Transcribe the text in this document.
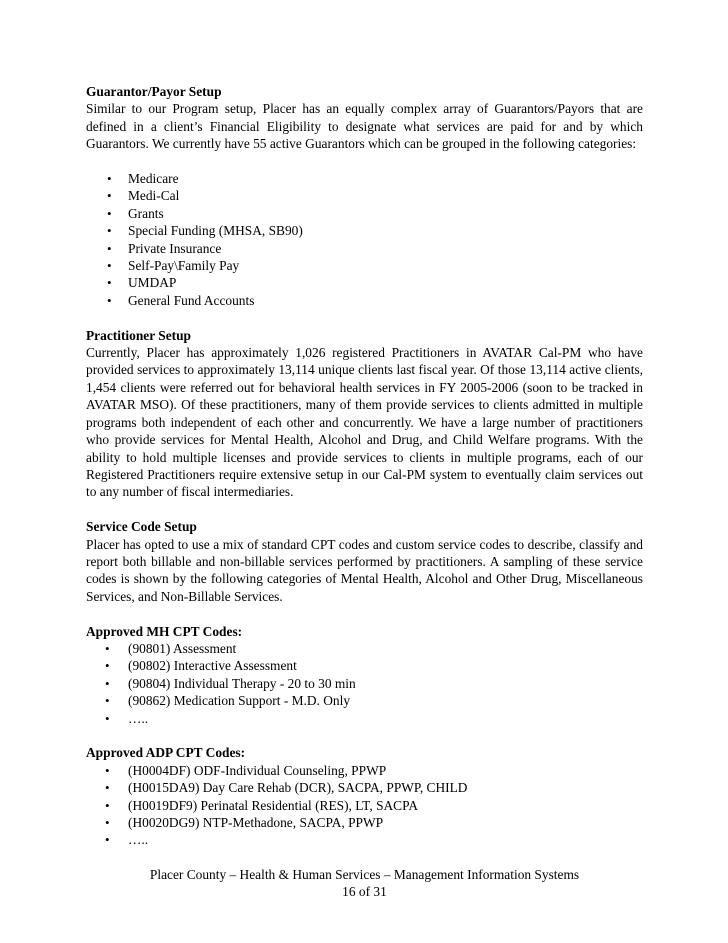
Guarantor/Payor Setup

Similar to our Program setup, Placer has an equally complex array of Guarantors/Payors that are defined in a client’s Financial Eligibility to designate what services are paid for and by which Guarantors. We currently have 55 active Guarantors which can be grouped in the following categories:

• Medicare
• Medi-Cal
• Grants
• Special Funding (MHSA, SB90)
• Private Insurance
• Self-Pay\Family Pay
• UMDAP
• General Fund Accounts

Practitioner Setup

Currently, Placer has approximately 1,026 registered Practitioners in AVATAR Cal-PM who have provided services to approximately 13,114 unique clients last fiscal year. Of those 13,114 active clients, 1,454 clients were referred out for behavioral health services in FY 2005-2006 (soon to be tracked in AVATAR MSO). Of these practitioners, many of them provide services to clients admitted in multiple programs both independent of each other and concurrently. We have a large number of practitioners who provide services for Mental Health, Alcohol and Drug, and Child Welfare programs. With the ability to hold multiple licenses and provide services to clients in multiple programs, each of our Registered Practitioners require extensive setup in our Cal-PM system to eventually claim services out to any number of fiscal intermediaries.

Service Code Setup

Placer has opted to use a mix of standard CPT codes and custom service codes to describe, classify and report both billable and non-billable services performed by practitioners. A sampling of these service codes is shown by the following categories of Mental Health, Alcohol and Other Drug, Miscellaneous Services, and Non-Billable Services.

Approved MH CPT Codes:

• (90801) Assessment
• (90802) Interactive Assessment
• (90804) Individual Therapy - 20 to 30 min
• (90862) Medication Support - M.D. Only
• …..

Approved ADP CPT Codes:

• (H0004DF) ODF-Individual Counseling, PPWP
• (H0015DA9) Day Care Rehab (DCR), SACPA, PPWP, CHILD
• (H0019DF9) Perinatal Residential (RES), LT, SACPA
• (H0020DG9) NTP-Methadone, SACPA, PPWP
• …..
Placer County – Health & Human Services – Management Information Systems
16 of 31
